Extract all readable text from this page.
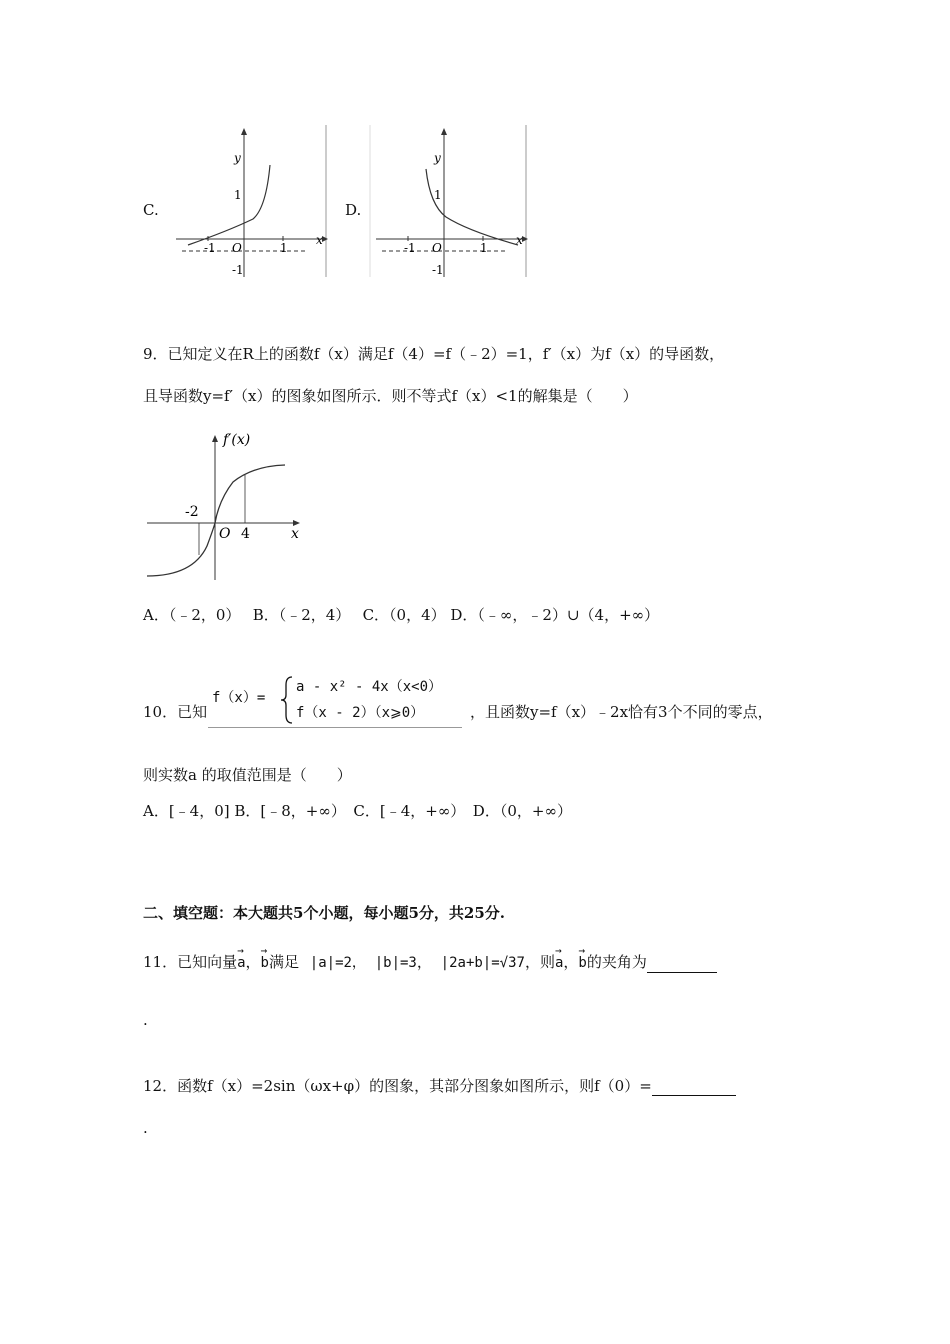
C.
y
1
-1 O	1
x
-1
D.
y
1
-1 O	1
x
-1
9．已知定义在R上的函数f（x）满足f（4）=f（﹣2）=1，f′（x）为f（x）的导函数，
且导函数y=f′（x）的图象如图所示．则不等式f（x）<1的解集是（　　）
f′(x)
-2
O 4	x
A．（﹣2，0）　 B．（﹣2，4）　 C．（0，4） D．（﹣∞，﹣2）∪（4，+∞）
10．已知
f（x）=
a - x² - 4x（x<0）
f（x - 2）（x⩾0）	，且函数y=f（x）﹣2x恰有3个不同的零点，
则实数a 的取值范围是（　　）
A．[﹣4，0] B．[﹣8，+∞）　C．[﹣4，+∞）　D．（0，+∞）
二、填空题：本大题共5个小题，每小题5分，共25分.
11．已知向量→ a，→ b满足 |a|=2， |b|=3， |2a+b|=√37，则→ a，→ b的夹角为
.
12．函数f（x）=2sin（ωx+φ）的图象，其部分图象如图所示，则f（0）=
.
